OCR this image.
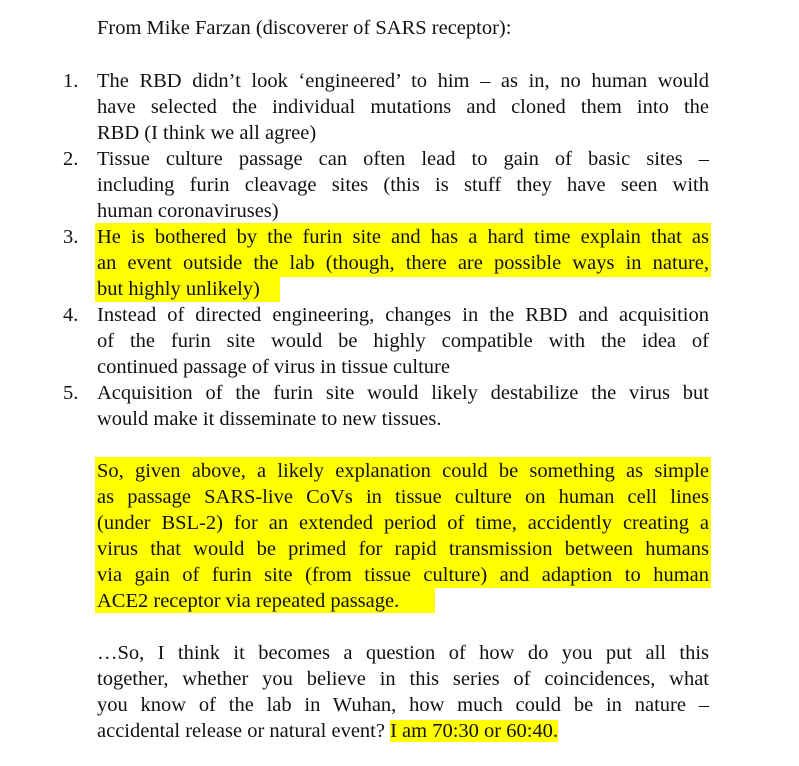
From Mike Farzan (discoverer of SARS receptor):
1. The RBD didn’t look ‘engineered’ to him – as in, no human would
have selected the individual mutations and cloned them into the
RBD (I think we all agree)
2. Tissue culture passage can often lead to gain of basic sites –
including furin cleavage sites (this is stuff they have seen with
human coronaviruses)
3. He is bothered by the furin site and has a hard time explain that as
an event outside the lab (though, there are possible ways in nature,
but highly unlikely)
4. Instead of directed engineering, changes in the RBD and acquisition
of the furin site would be highly compatible with the idea of
continued passage of virus in tissue culture
5. Acquisition of the furin site would likely destabilize the virus but
would make it disseminate to new tissues.
So, given above, a likely explanation could be something as simple
as passage SARS-live CoVs in tissue culture on human cell lines
(under BSL-2) for an extended period of time, accidently creating a
virus that would be primed for rapid transmission between humans
via gain of furin site (from tissue culture) and adaption to human
ACE2 receptor via repeated passage.
…So, I think it becomes a question of how do you put all this
together, whether you believe in this series of coincidences, what
you know of the lab in Wuhan, how much could be in nature –
accidental release or natural event? I am 70:30 or 60:40.
